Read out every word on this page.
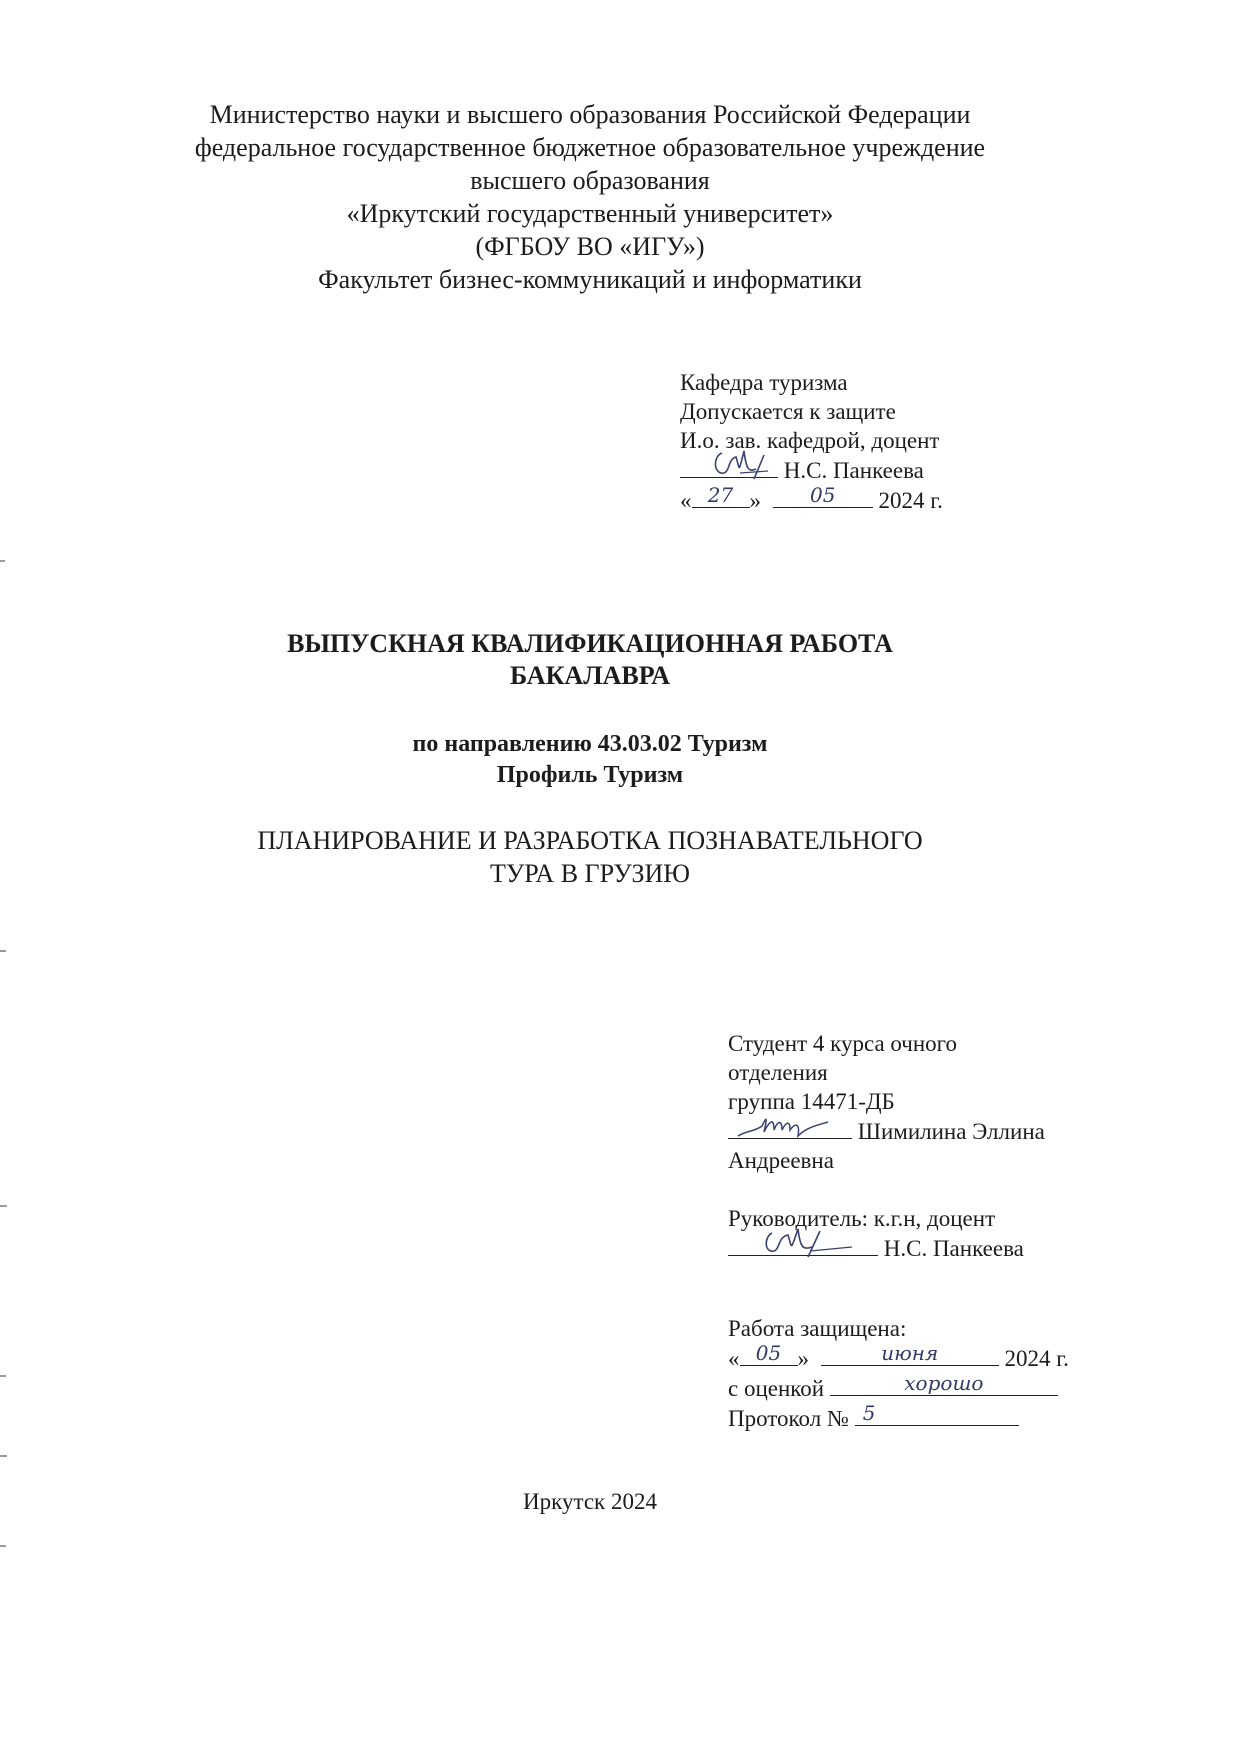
Министерство науки и высшего образования Российской Федерации
федеральное государственное бюджетное образовательное учреждение
высшего образования
«Иркутский государственный университет»
(ФГБОУ ВО «ИГУ»)
Факультет бизнес-коммуникаций и информатики
Кафедра туризма
Допускается к защите
И.о. зав. кафедрой, доцент
Н.С. Панкеева
« 27 »	05	2024 г.
ВЫПУСКНАЯ КВАЛИФИКАЦИОННАЯ РАБОТА
БАКАЛАВРА
по направлению 43.03.02 Туризм
Профиль Туризм
ПЛАНИРОВАНИЕ И РАЗРАБОТКА ПОЗНАВАТЕЛЬНОГО
ТУРА В ГРУЗИЮ
Студент 4 курса очного
отделения
группа 14471-ДБ
Шимилина Эллина
Андреевна
Руководитель: к.г.н, доцент
Н.С. Панкеева
Работа защищена:
« 05 »	июня	2024 г.
с оценкой	хорошо
Протокол № 5
Иркутск 2024
